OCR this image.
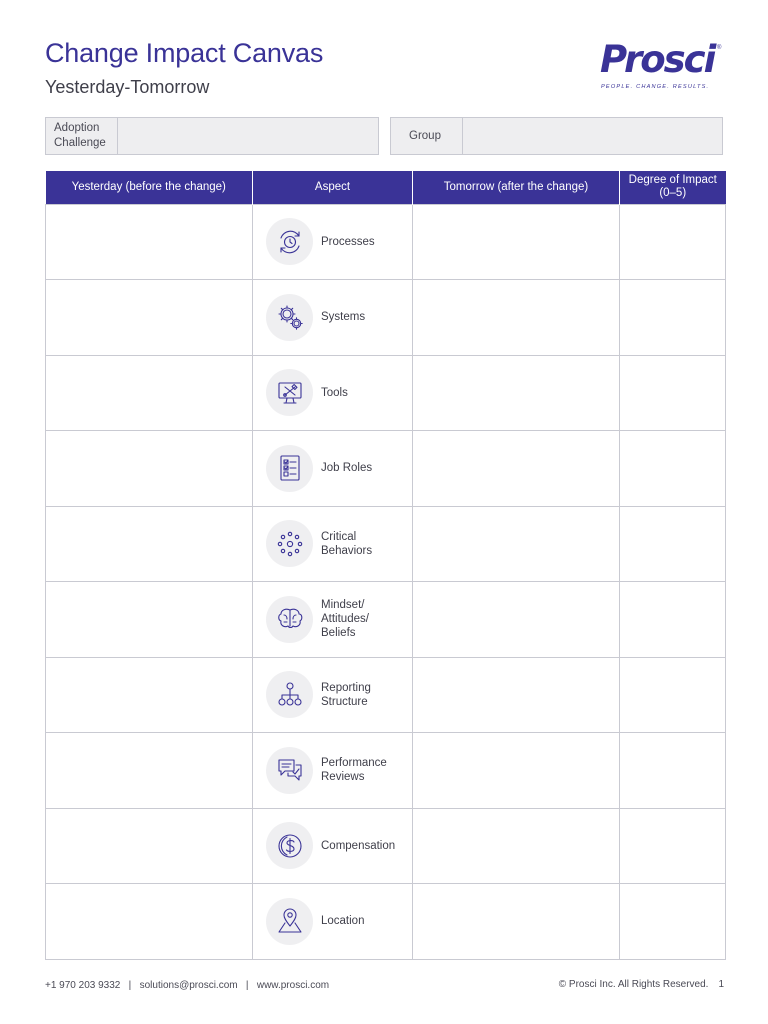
Change Impact Canvas
Yesterday-Tomorrow
Prosci ®
PEOPLE. CHANGE. RESULTS.
Adoption
Challenge
Group
Yesterday (before the change)	Aspect	Tomorrow (after the change)	Degree of Impact (0–5)

	Processes		

	Systems		

	Tools		

	Job Roles		

	Critical
Behaviors		

	Mindset/
Attitudes/
Beliefs		

	Reporting
Structure		

	Performance
Reviews		

	Compensation		

	Location		

+1 970 203 9332   |   solutions@prosci.com   |   www.prosci.com	© Prosci Inc. All Rights Reserved. 1
